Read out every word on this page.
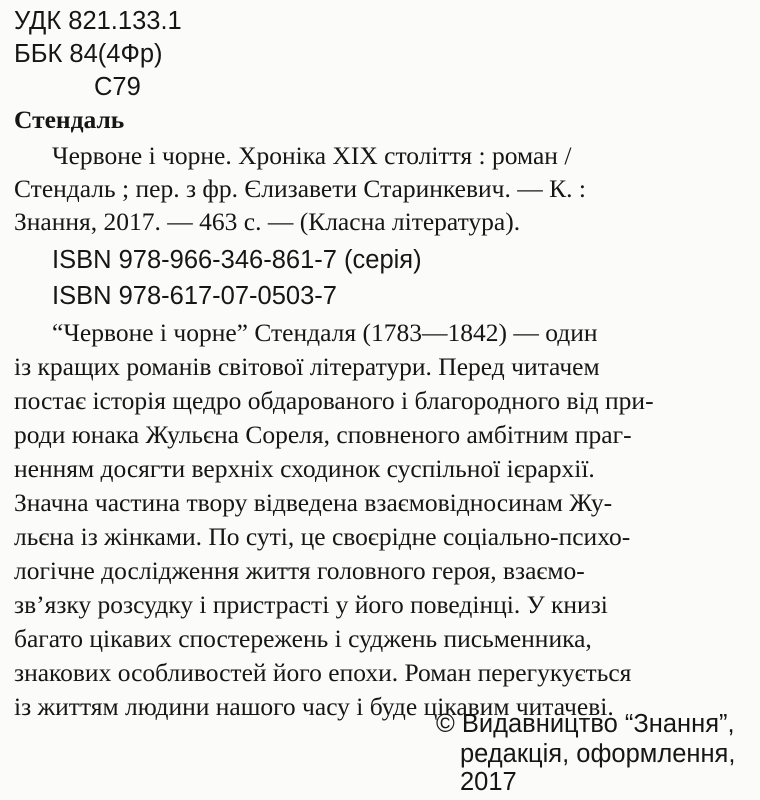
УДК 821.133.1
ББК 84(4Фр)
С79
Стендаль
Червоне і чорне. Хроніка XIX століття : роман /
Стендаль ; пер. з фр. Єлизавети Старинкевич. — К. :
Знання, 2017. — 463 с. — (Класна література).
ISBN 978-966-346-861-7 (серія)
ISBN 978-617-07-0503-7
“Червоне і чорне” Стендаля (1783—1842) — один
із кращих романів світової літератури. Перед читачем
постає історія щедро обдарованого і благородного від при-
роди юнака Жульєна Сореля, сповненого амбітним праг-
ненням досягти верхніх сходинок суспільної ієрархії.
Значна частина твору відведена взаємовідносинам Жу-
льєна із жінками. По суті, це своєрідне соціально-психо-
логічне дослідження життя головного героя, взаємо-
зв’язку розсудку і пристрасті у його поведінці. У книзі
багато цікавих спостережень і суджень письменника,
знакових особливостей його епохи. Роман перегукується
із життям людини нашого часу і буде цікавим читачеві.
© Видавництво “Знання”,
редакція, оформлення,
2017
